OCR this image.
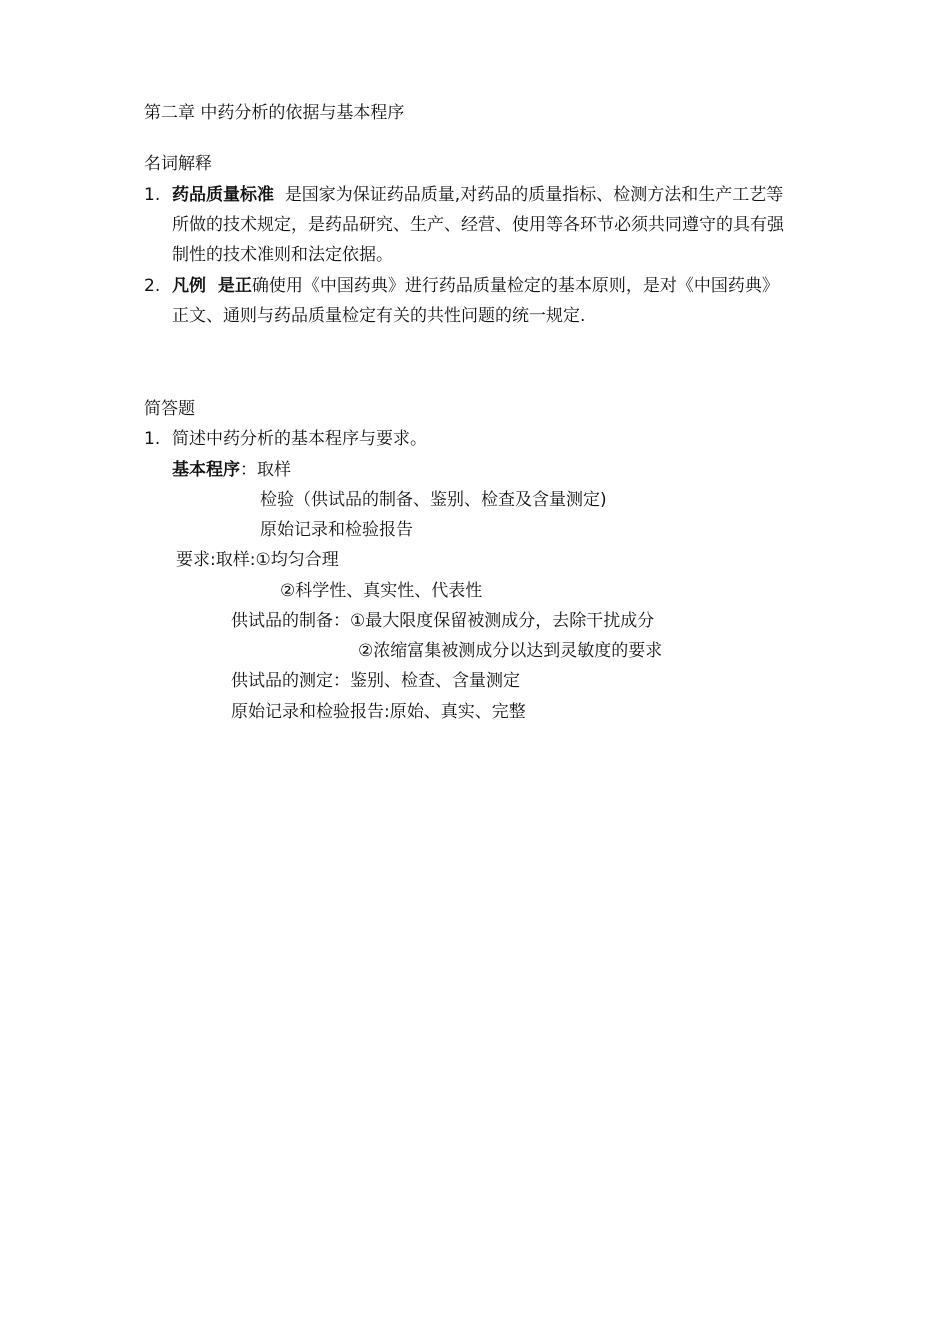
第二章 中药分析的依据与基本程序
名词解释
1. 药品质量标准 是国家为保证药品质量,对药品的质量指标、检测方法和生产工艺等
所做的技术规定，是药品研究、生产、经营、使用等各环节必须共同遵守的具有强
制性的技术准则和法定依据。
2. 凡例  是正确使用《中国药典》进行药品质量检定的基本原则，是对《中国药典》
正文、通则与药品质量检定有关的共性问题的统一规定.
简答题
1. 简述中药分析的基本程序与要求。
基本程序：取样
检验（供试品的制备、鉴别、检查及含量测定)
原始记录和检验报告
要求:取样:①均匀合理
②科学性、真实性、代表性
供试品的制备：①最大限度保留被测成分，去除干扰成分
②浓缩富集被测成分以达到灵敏度的要求
供试品的测定：鉴别、检查、含量测定
原始记录和检验报告:原始、真实、完整
